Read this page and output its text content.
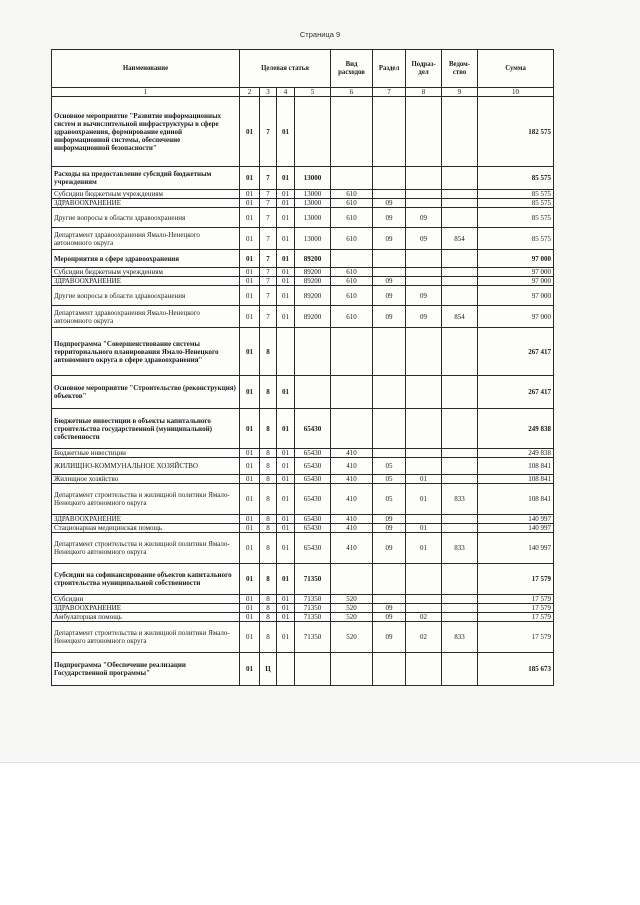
Страница 9
Наименование	Целевая статья				Вид расходов	Раздел	Подраз-дел	Ведом-ство	Сумма
1	2	3	4	5	6	7	8	9	10
Основное мероприятие "Развитие информационных систем и вычислительной инфраструктуры в сфере здравоохранения, формирование единой информационной системы, обеспечение информационной безопасности"	01	7	01						182 575
Расходы на предоставление субсидий бюджетным учреждениям	01	7	01	13000					85 575
Субсидии бюджетным учреждениям	01	7	01	13000	610				85 575
ЗДРАВООХРАНЕНИЕ	01	7	01	13000	610	09			85 575
Другие вопросы в области здравоохранения	01	7	01	13000	610	09	09		85 575
Департамент здравоохранения Ямало-Ненецкого автономного округа	01	7	01	13000	610	09	09	854	85 575
Мероприятия в сфере здравоохранения	01	7	01	89200					97 000
Субсидии бюджетным учреждениям	01	7	01	89200	610				97 000
ЗДРАВООХРАНЕНИЕ	01	7	01	89200	610	09			97 000
Другие вопросы в области здравоохранения	01	7	01	89200	610	09	09		97 000
Департамент здравоохранения Ямало-Ненецкого автономного округа	01	7	01	89200	610	09	09	854	97 000
Подпрограмма "Совершенствование системы территориального планирования Ямало-Ненецкого автономного округа в сфере здравоохранения"	01	8							267 417
Основное мероприятие "Строительство (реконструкция) объектов"	01	8	01						267 417
Бюджетные инвестиции в объекты капитального строительства государственной (муниципальной) собственности	01	8	01	65430					249 838
Бюджетные инвестиции	01	8	01	65430	410				249 838
ЖИЛИЩНО-КОММУНАЛЬНОЕ ХОЗЯЙСТВО	01	8	01	65430	410	05			108 841
Жилищное хозяйство	01	8	01	65430	410	05	01		108 841
Департамент строительства и жилищной политики Ямало-Ненецкого автономного округа	01	8	01	65430	410	05	01	833	108 841
ЗДРАВООХРАНЕНИЕ	01	8	01	65430	410	09			140 997
Стационарная медицинская помощь	01	8	01	65430	410	09	01		140 997
Департамент строительства и жилищной политики Ямало-Ненецкого автономного округа	01	8	01	65430	410	09	01	833	140 997
Субсидии на софинансирование объектов капитального строительства муниципальной собственности	01	8	01	71350					17 579
Субсидии	01	8	01	71350	520				17 579
ЗДРАВООХРАНЕНИЕ	01	8	01	71350	520	09			17 579
Амбулаторная помощь	01	8	01	71350	520	09	02		17 579
Департамент строительства и жилищной политики Ямало-Ненецкого автономного округа	01	8	01	71350	520	09	02	833	17 579
Подпрограмма "Обеспечение реализации Государственной программы"	01	Ц							185 673
